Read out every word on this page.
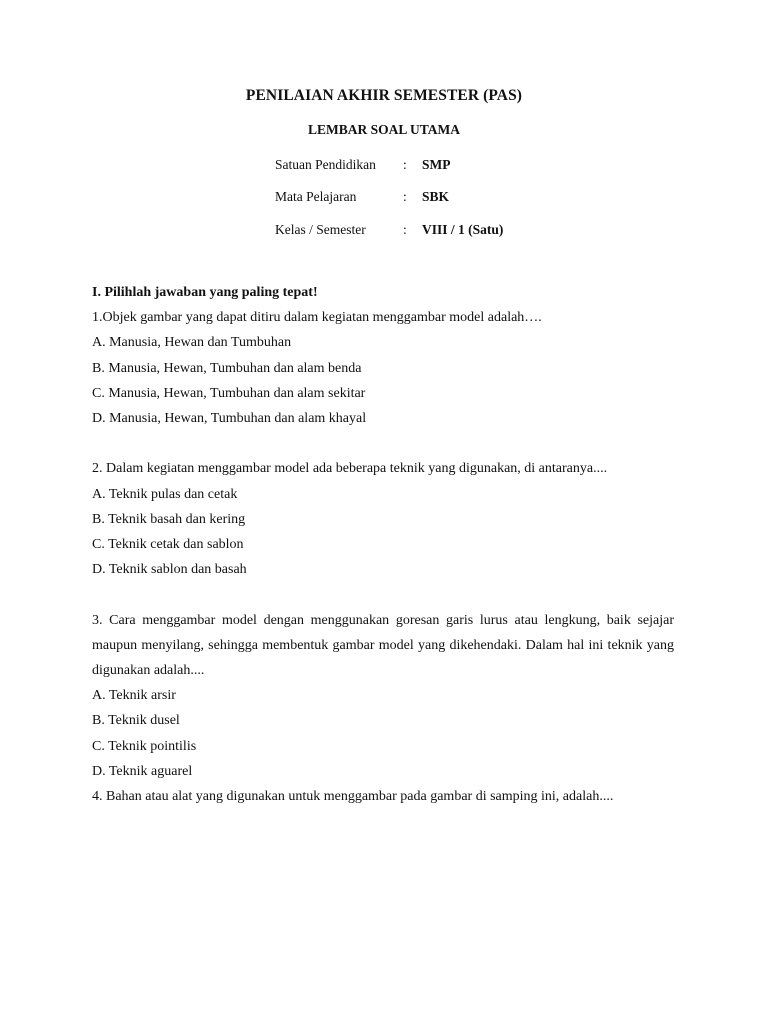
PENILAIAN AKHIR SEMESTER (PAS)
LEMBAR SOAL UTAMA
Satuan Pendidikan : SMP
Mata Pelajaran	: SBK
Kelas / Semester	: VIII / 1 (Satu)
I. Pilihlah jawaban yang paling tepat!
1.Objek gambar yang dapat ditiru dalam kegiatan menggambar model adalah….
A. Manusia, Hewan dan Tumbuhan
B. Manusia, Hewan, Tumbuhan dan alam benda
C. Manusia, Hewan, Tumbuhan dan alam sekitar
D. Manusia, Hewan, Tumbuhan dan alam khayal
2. Dalam kegiatan menggambar model ada beberapa teknik yang digunakan, di antaranya....
A. Teknik pulas dan cetak
B. Teknik basah dan kering
C. Teknik cetak dan sablon
D. Teknik sablon dan basah
3. Cara menggambar model dengan menggunakan goresan garis lurus atau lengkung, baik sejajar maupun menyilang, sehingga membentuk gambar model yang dikehendaki. Dalam hal ini teknik yang digunakan adalah....
A. Teknik arsir
B. Teknik dusel
C. Teknik pointilis
D. Teknik aguarel
4. Bahan atau alat yang digunakan untuk menggambar pada gambar di samping ini, adalah....
